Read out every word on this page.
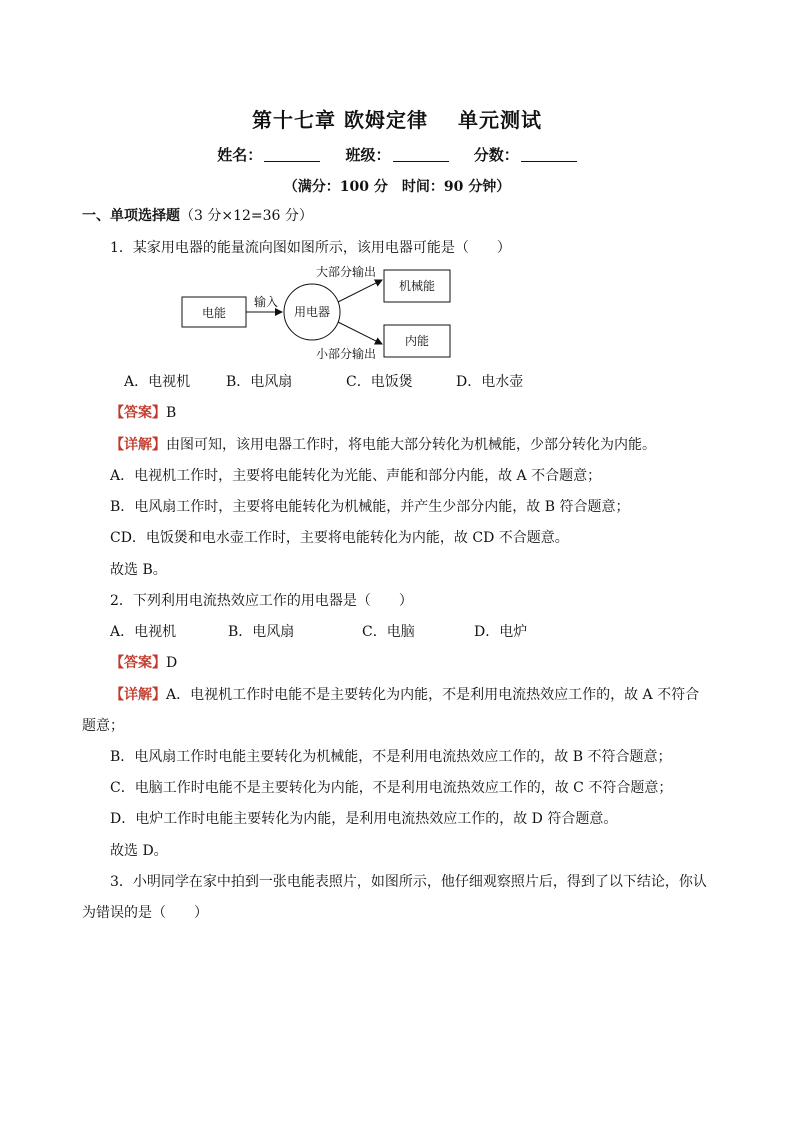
第十七章 欧姆定律 单元测试
姓名：	班级：	分数：
（满分：100 分　时间：90 分钟）
一、单项选择题（3 分×12=36 分）
1．某家用电器的能量流向图如图所示，该用电器可能是（　　）
电能
输入
用电器
大部分输出
机械能
小部分输出
内能
A．电视机	B．电风扇	C．电饭煲	D．电水壶
【答案】B
【详解】由图可知，该用电器工作时，将电能大部分转化为机械能，少部分转化为内能。
A．电视机工作时，主要将电能转化为光能、声能和部分内能，故 A 不合题意；
B．电风扇工作时，主要将电能转化为机械能，并产生少部分内能，故 B 符合题意；
CD．电饭煲和电水壶工作时，主要将电能转化为内能，故 CD 不合题意。
故选 B。
2．下列利用电流热效应工作的用电器是（　　）
A．电视机	B．电风扇	C．电脑	D．电炉
【答案】D
【详解】A．电视机工作时电能不是主要转化为内能，不是利用电流热效应工作的，故 A 不符合
题意；
B．电风扇工作时电能主要转化为机械能，不是利用电流热效应工作的，故 B 不符合题意；
C．电脑工作时电能不是主要转化为内能，不是利用电流热效应工作的，故 C 不符合题意；
D．电炉工作时电能主要转化为内能，是利用电流热效应工作的，故 D 符合题意。
故选 D。
3．小明同学在家中拍到一张电能表照片，如图所示，他仔细观察照片后，得到了以下结论，你认
为错误的是（　　）
